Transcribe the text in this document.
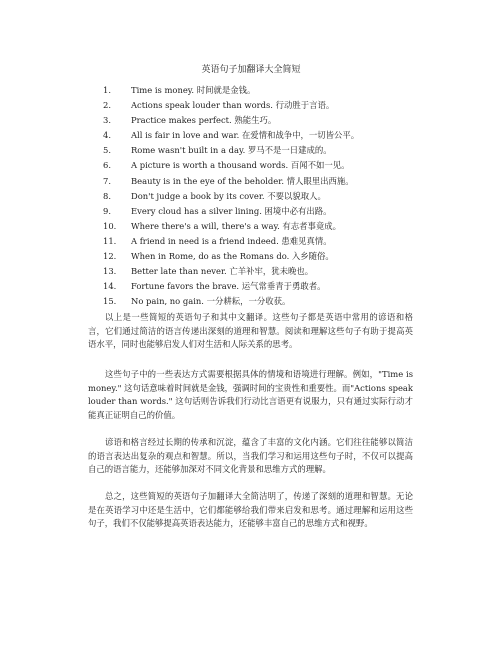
英语句子加翻译大全简短
1.	Time is money. 时间就是金钱。
2.	Actions speak louder than words. 行动胜于言语。
3.	Practice makes perfect. 熟能生巧。
4.	All is fair in love and war. 在爱情和战争中，一切皆公平。
5.	Rome wasn't built in a day. 罗马不是一日建成的。
6.	A picture is worth a thousand words. 百闻不如一见。
7.	Beauty is in the eye of the beholder. 情人眼里出西施。
8.	Don't judge a book by its cover. 不要以貌取人。
9.	Every cloud has a silver lining. 困境中必有出路。
10.	Where there's a will, there's a way. 有志者事竟成。
11.	A friend in need is a friend indeed. 患难见真情。
12.	When in Rome, do as the Romans do. 入乡随俗。
13.	Better late than never. 亡羊补牢，犹未晚也。
14.	Fortune favors the brave. 运气常垂青于勇敢者。
15.	No pain, no gain. 一分耕耘，一分收获。

以上是一些简短的英语句子和其中文翻译。这些句子都是英语中常用的谚语和格言，它们通过简洁的语言传递出深刻的道理和智慧。阅读和理解这些句子有助于提高英语水平，同时也能够启发人们对生活和人际关系的思考。

这些句子中的一些表达方式需要根据具体的情境和语境进行理解。例如，"Time is money." 这句话意味着时间就是金钱，强调时间的宝贵性和重要性。而"Actions speak louder than words." 这句话则告诉我们行动比言语更有说服力，只有通过实际行动才能真正证明自己的价值。

谚语和格言经过长期的传承和沉淀，蕴含了丰富的文化内涵。它们往往能够以简洁的语言表达出复杂的观点和智慧。所以，当我们学习和运用这些句子时，不仅可以提高自己的语言能力，还能够加深对不同文化背景和思维方式的理解。

总之，这些简短的英语句子加翻译大全简洁明了，传递了深刻的道理和智慧。无论是在英语学习中还是生活中，它们都能够给我们带来启发和思考。通过理解和运用这些句子，我们不仅能够提高英语表达能力，还能够丰富自己的思维方式和视野。
